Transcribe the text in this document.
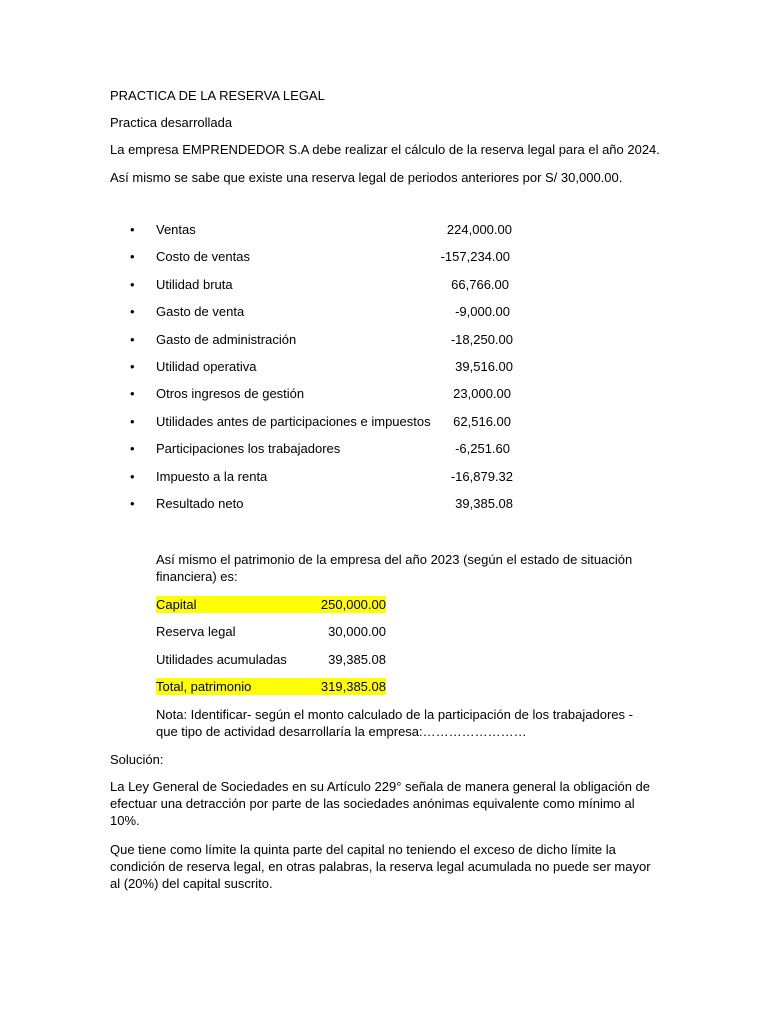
PRACTICA DE LA RESERVA LEGAL
Practica desarrollada
La empresa EMPRENDEDOR S.A debe realizar el cálculo de la reserva legal para el año 2024.
Así mismo se sabe que existe una reserva legal de periodos anteriores por S/ 30,000.00.
•	Ventas	224,000.00
•	Costo de ventas	-157,234.00
•	Utilidad bruta	66,766.00
•	Gasto de venta	-9,000.00
•	Gasto de administración	-18,250.00
•	Utilidad operativa	39,516.00
•	Otros ingresos de gestión	23,000.00
•	Utilidades antes de participaciones e impuestos 62,516.00
•	Participaciones los trabajadores	-6,251.60
•	Impuesto a la renta	-16,879.32
•	Resultado neto	39,385.08
Así mismo el patrimonio de la empresa del año 2023 (según el estado de situación financiera) es:
Capital	250,000.00
Reserva legal	30,000.00
Utilidades acumuladas	39,385.08
Total, patrimonio	319,385.08
Nota: Identificar- según el monto calculado de la participación de los trabajadores - que tipo de actividad desarrollaría la empresa:……………………
Solución:
La Ley General de Sociedades en su Artículo 229° señala de manera general la obligación de efectuar una detracción por parte de las sociedades anónimas equivalente como mínimo al 10%.
Que tiene como límite la quinta parte del capital no teniendo el exceso de dicho límite la condición de reserva legal, en otras palabras, la reserva legal acumulada no puede ser mayor al (20%) del capital suscrito.
